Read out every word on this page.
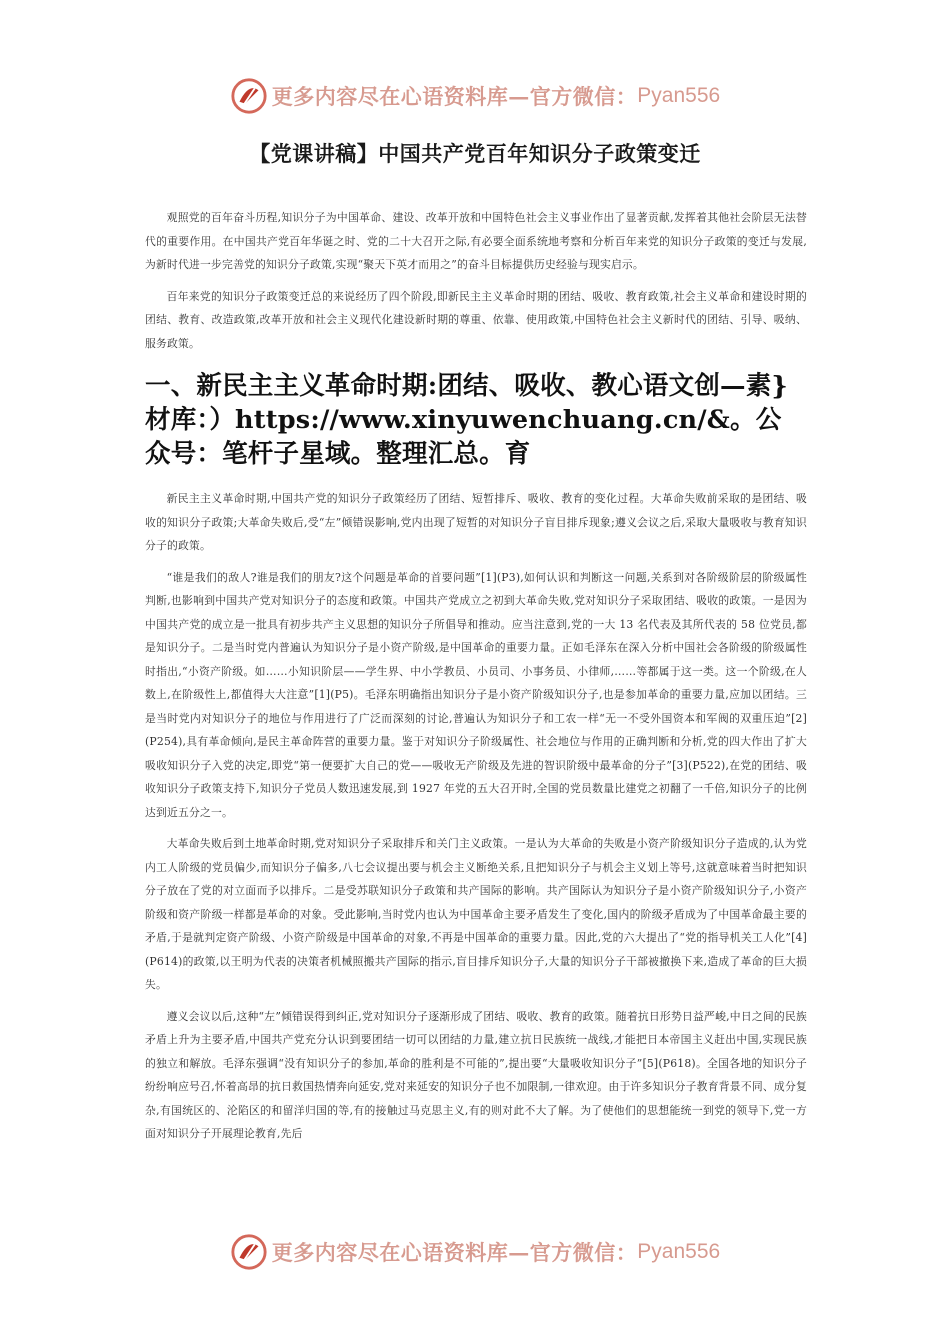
更多内容尽在心语资料库—官方微信： Pyan556
【党课讲稿】中国共产党百年知识分子政策变迁

观照党的百年奋斗历程,知识分子为中国革命、建设、改革开放和中国特色社会主义事业作出了显著贡献,发挥着其他社会阶层无法替代的重要作用。在中国共产党百年华诞之时、党的二十大召开之际,有必要全面系统地考察和分析百年来党的知识分子政策的变迁与发展,为新时代进一步完善党的知识分子政策,实现“聚天下英才而用之”的奋斗目标提供历史经验与现实启示。

百年来党的知识分子政策变迁总的来说经历了四个阶段,即新民主主义革命时期的团结、吸收、教育政策,社会主义革命和建设时期的团结、教育、改造政策,改革开放和社会主义现代化建设新时期的尊重、依靠、使用政策,中国特色社会主义新时代的团结、引导、吸纳、服务政策。

一、新民主主义革命时期:团结、吸收、教心语文创—素}材库：）https://www.xinyuwenchuang.cn/&。公众号：笔杆子星域。整理汇总。育

新民主主义革命时期,中国共产党的知识分子政策经历了团结、短暂排斥、吸收、教育的变化过程。大革命失败前采取的是团结、吸收的知识分子政策;大革命失败后,受“左”倾错误影响,党内出现了短暂的对知识分子盲目排斥现象;遵义会议之后,采取大量吸收与教育知识分子的政策。

“谁是我们的敌人?谁是我们的朋友?这个问题是革命的首要问题”[1](P3),如何认识和判断这一问题,关系到对各阶级阶层的阶级属性判断,也影响到中国共产党对知识分子的态度和政策。中国共产党成立之初到大革命失败,党对知识分子采取团结、吸收的政策。一是因为中国共产党的成立是一批具有初步共产主义思想的知识分子所倡导和推动。应当注意到,党的一大 13 名代表及其所代表的 58 位党员,都是知识分子。二是当时党内普遍认为知识分子是小资产阶级,是中国革命的重要力量。正如毛泽东在深入分析中国社会各阶级的阶级属性时指出,“小资产阶级。如……小知识阶层——学生界、中小学教员、小员司、小事务员、小律师,……等都属于这一类。这一个阶级,在人数上,在阶级性上,都值得大大注意”[1](P5)。毛泽东明确指出知识分子是小资产阶级知识分子,也是参加革命的重要力量,应加以团结。三是当时党内对知识分子的地位与作用进行了广泛而深刻的讨论,普遍认为知识分子和工农一样“无一不受外国资本和军阀的双重压迫”[2](P254),具有革命倾向,是民主革命阵营的重要力量。鉴于对知识分子阶级属性、社会地位与作用的正确判断和分析,党的四大作出了扩大吸收知识分子入党的决定,即党“第一便要扩大自己的党——吸收无产阶级及先进的智识阶级中最革命的分子”[3](P522),在党的团结、吸收知识分子政策支持下,知识分子党员人数迅速发展,到 1927 年党的五大召开时,全国的党员数量比建党之初翻了一千倍,知识分子的比例达到近五分之一。

大革命失败后到土地革命时期,党对知识分子采取排斥和关门主义政策。一是认为大革命的失败是小资产阶级知识分子造成的,认为党内工人阶级的党员偏少,而知识分子偏多,八七会议提出要与机会主义断绝关系,且把知识分子与机会主义划上等号,这就意味着当时把知识分子放在了党的对立面而予以排斥。二是受苏联知识分子政策和共产国际的影响。共产国际认为知识分子是小资产阶级知识分子,小资产阶级和资产阶级一样都是革命的对象。受此影响,当时党内也认为中国革命主要矛盾发生了变化,国内的阶级矛盾成为了中国革命最主要的矛盾,于是就判定资产阶级、小资产阶级是中国革命的对象,不再是中国革命的重要力量。因此,党的六大提出了“党的指导机关工人化”[4](P614)的政策,以王明为代表的决策者机械照搬共产国际的指示,盲目排斥知识分子,大量的知识分子干部被撤换下来,造成了革命的巨大损失。

遵义会议以后,这种“左”倾错误得到纠正,党对知识分子逐渐形成了团结、吸收、教育的政策。随着抗日形势日益严峻,中日之间的民族矛盾上升为主要矛盾,中国共产党充分认识到要团结一切可以团结的力量,建立抗日民族统一战线,才能把日本帝国主义赶出中国,实现民族的独立和解放。毛泽东强调“没有知识分子的参加,革命的胜利是不可能的”,提出要“大量吸收知识分子”[5](P618)。全国各地的知识分子纷纷响应号召,怀着高昂的抗日救国热情奔向延安,党对来延安的知识分子也不加限制,一律欢迎。由于许多知识分子教育背景不同、成分复杂,有国统区的、沦陷区的和留洋归国的等,有的接触过马克思主义,有的则对此不大了解。为了使他们的思想能统一到党的领导下,党一方面对知识分子开展理论教育,先后

更多内容尽在心语资料库—官方微信： Pyan556
